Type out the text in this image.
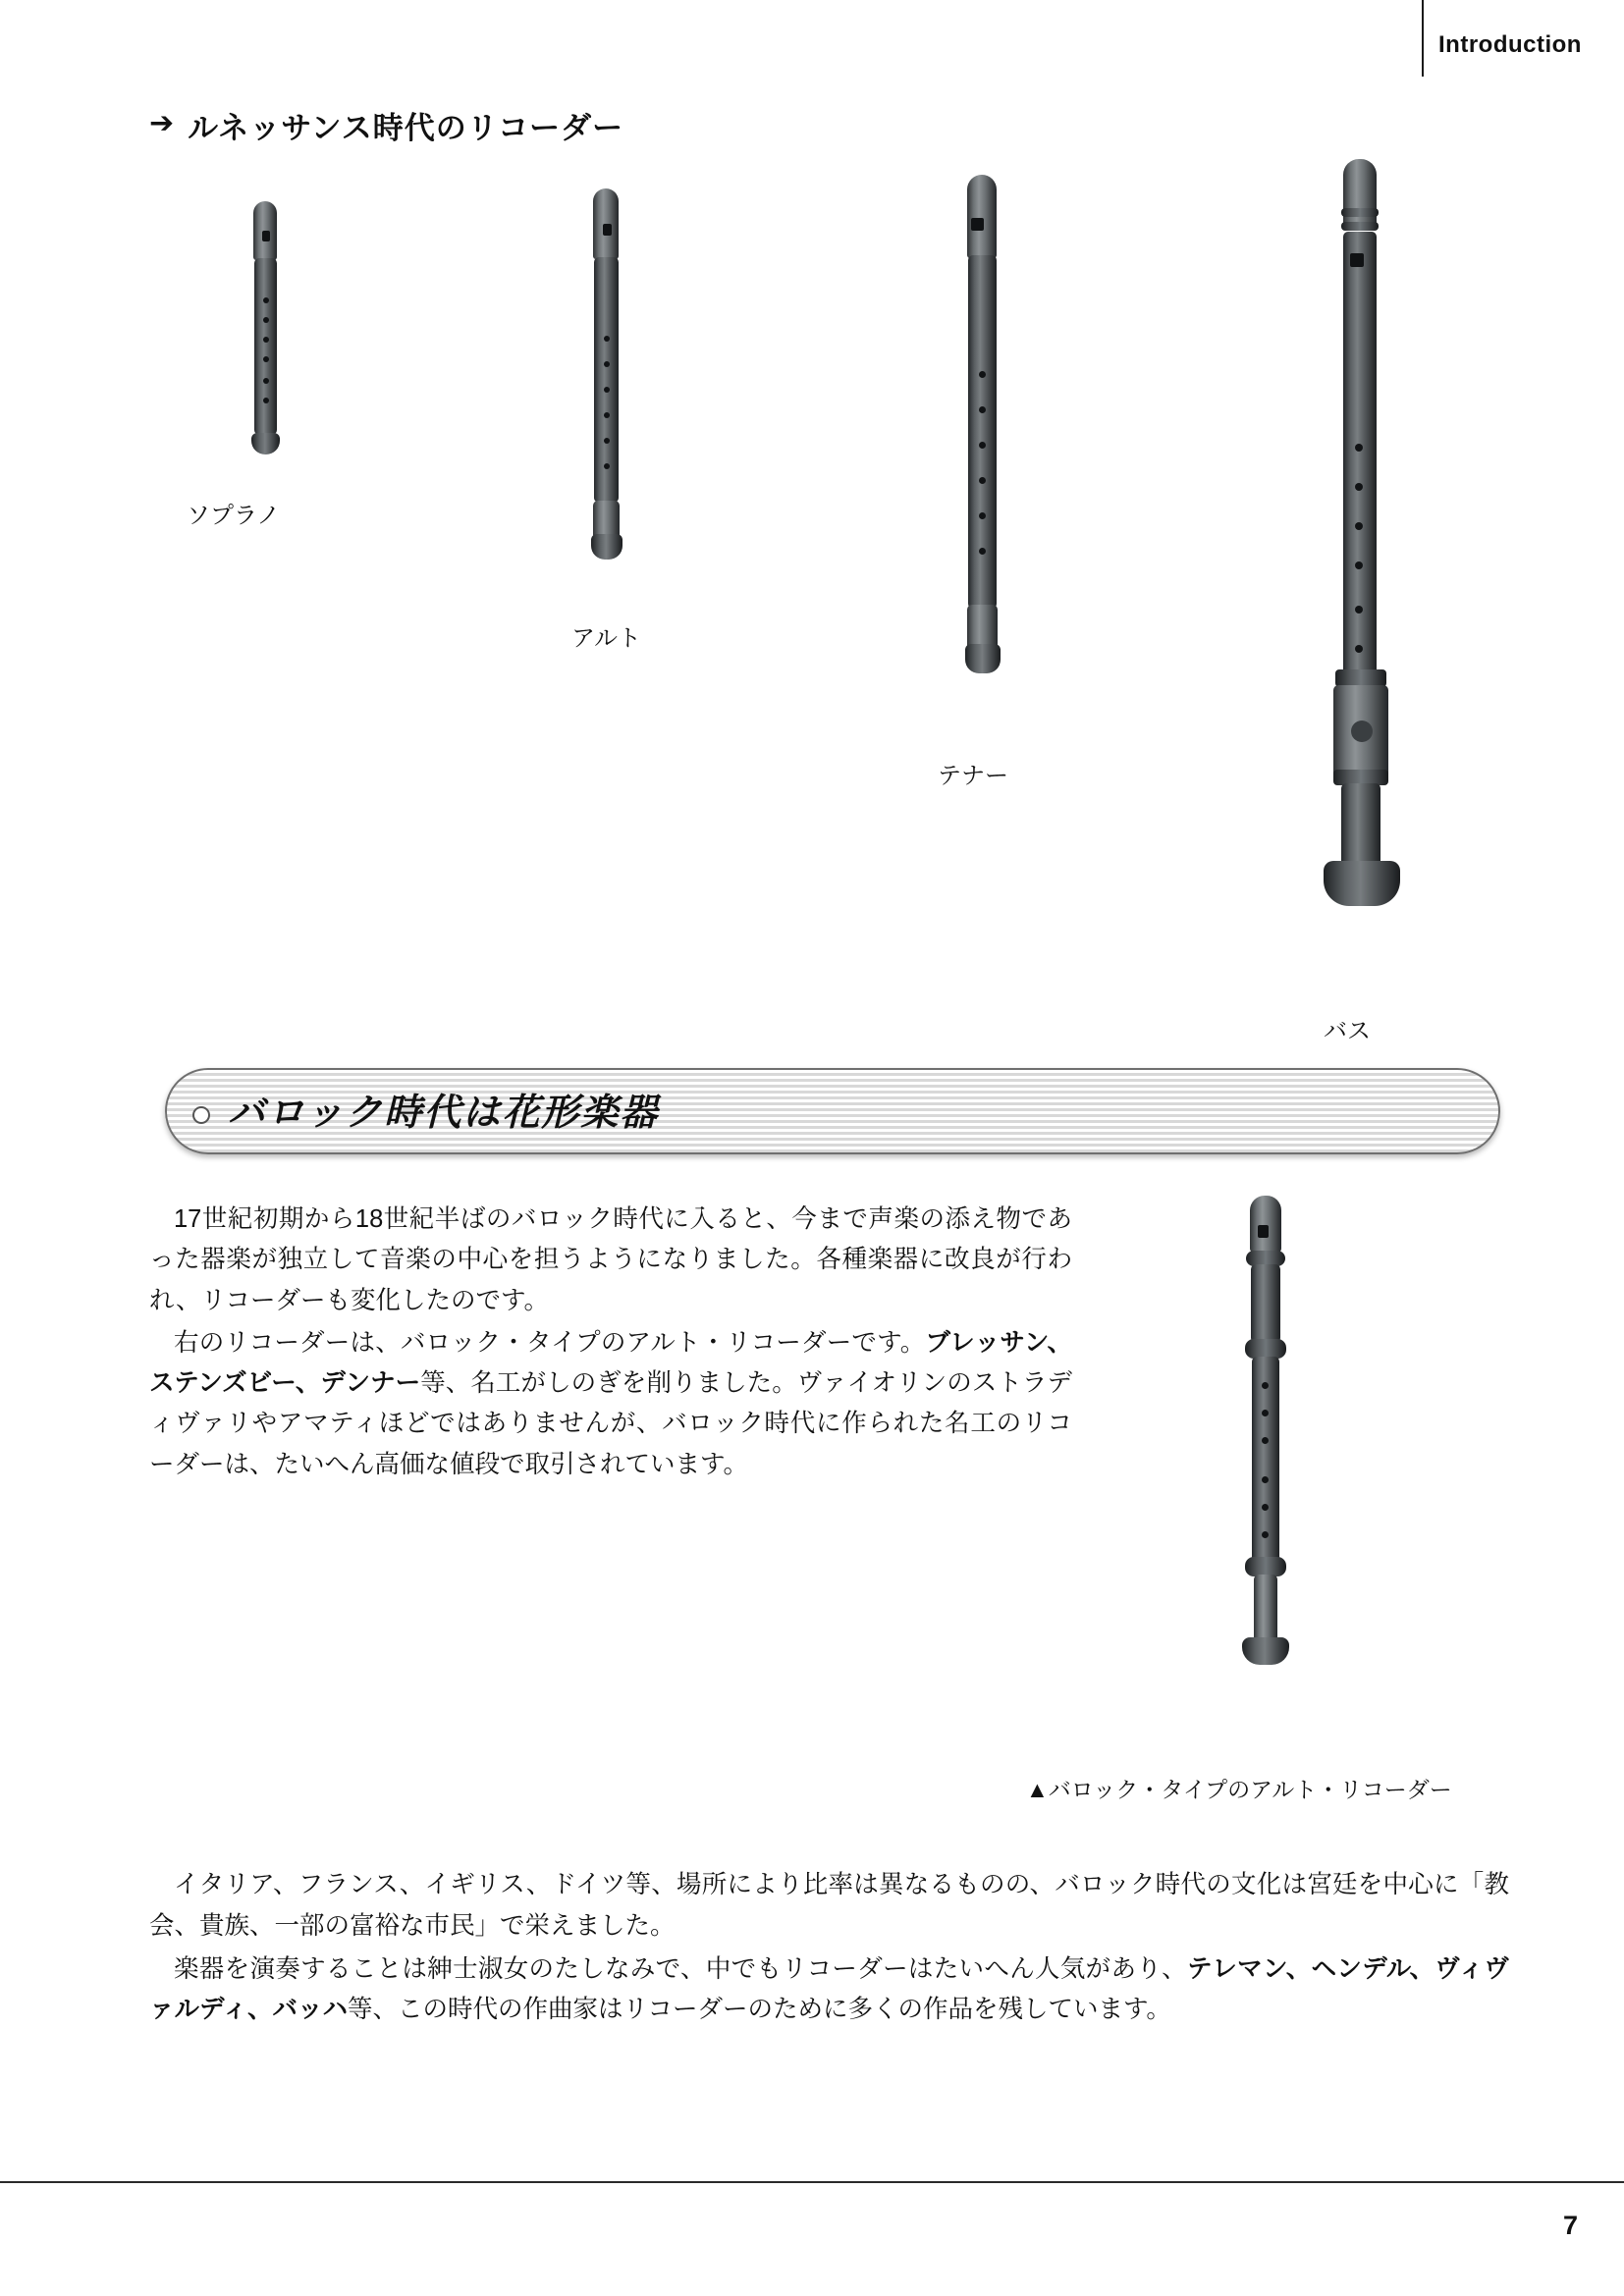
Introduction
➔ ルネッサンス時代のリコーダー
ソプラノ
アルト
テナー
バス
バロック時代は花形楽器

17世紀初期から18世紀半ばのバロック時代に入ると、今まで声楽の添え物であった器楽が独立して音楽の中心を担うようになりました。各種楽器に改良が行われ、リコーダーも変化したのです。

右のリコーダーは、バロック・タイプのアルト・リコーダーです。ブレッサン、ステンズビー、デンナー等、名工がしのぎを削りました。ヴァイオリンのストラディヴァリやアマティほどではありませんが、バロック時代に作られた名工のリコーダーは、たいへん高価な値段で取引されています。

▲バロック・タイプのアルト・リコーダー

イタリア、フランス、イギリス、ドイツ等、場所により比率は異なるものの、バロック時代の文化は宮廷を中心に「教会、貴族、一部の富裕な市民」で栄えました。

楽器を演奏することは紳士淑女のたしなみで、中でもリコーダーはたいへん人気があり、テレマン、ヘンデル、ヴィヴァルディ、バッハ等、この時代の作曲家はリコーダーのために多くの作品を残しています。

7
